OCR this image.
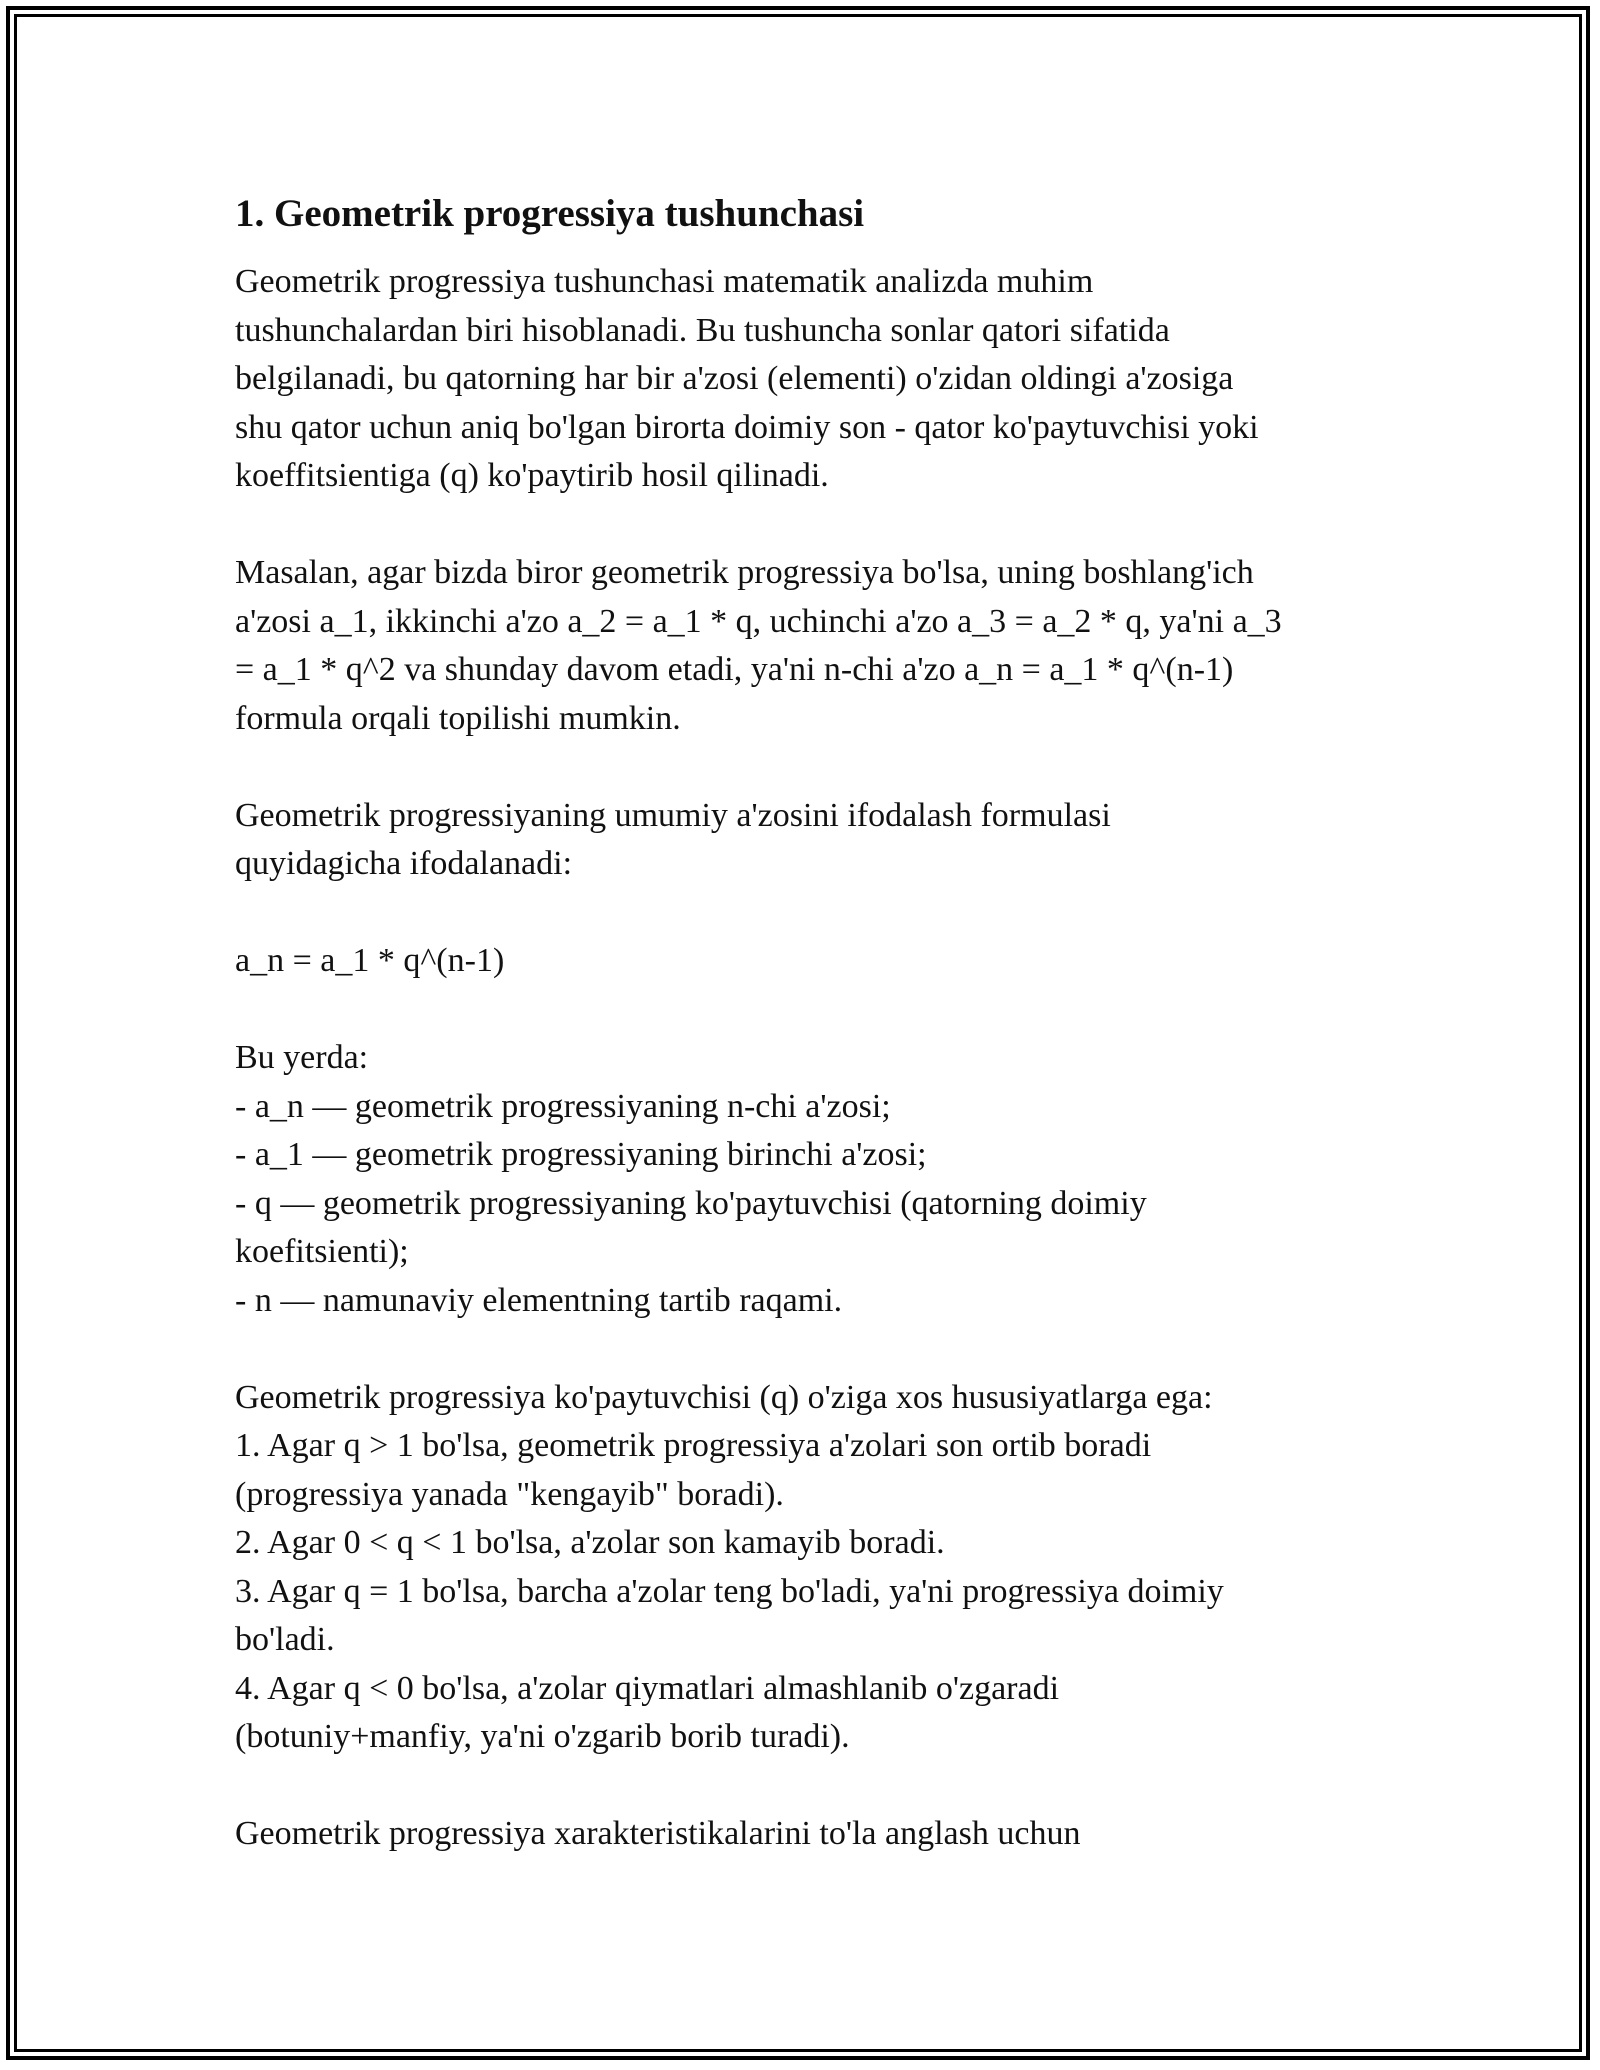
1. Geometrik progressiya tushunchasi
Geometrik progressiya tushunchasi matematik analizda muhim
tushunchalardan biri hisoblanadi. Bu tushuncha sonlar qatori sifatida
belgilanadi, bu qatorning har bir a'zosi (elementi) o'zidan oldingi a'zosiga
shu qator uchun aniq bo'lgan birorta doimiy son - qator ko'paytuvchisi yoki
koeffitsientiga (q) ko'paytirib hosil qilinadi.
Masalan, agar bizda biror geometrik progressiya bo'lsa, uning boshlang'ich
a'zosi a_1, ikkinchi a'zo a_2 = a_1 * q, uchinchi a'zo a_3 = a_2 * q, ya'ni a_3
= a_1 * q^2 va shunday davom etadi, ya'ni n-chi a'zo a_n = a_1 * q^(n-1)
formula orqali topilishi mumkin.
Geometrik progressiyaning umumiy a'zosini ifodalash formulasi
quyidagicha ifodalanadi:
a_n = a_1 * q^(n-1)
Bu yerda:
- a_n — geometrik progressiyaning n-chi a'zosi;
- a_1 — geometrik progressiyaning birinchi a'zosi;
- q — geometrik progressiyaning ko'paytuvchisi (qatorning doimiy
koefitsienti);
- n — namunaviy elementning tartib raqami.
Geometrik progressiya ko'paytuvchisi (q) o'ziga xos hususiyatlarga ega:
1. Agar q > 1 bo'lsa, geometrik progressiya a'zolari son ortib boradi
(progressiya yanada "kengayib" boradi).
2. Agar 0 < q < 1 bo'lsa, a'zolar son kamayib boradi.
3. Agar q = 1 bo'lsa, barcha a'zolar teng bo'ladi, ya'ni progressiya doimiy
bo'ladi.
4. Agar q < 0 bo'lsa, a'zolar qiymatlari almashlanib o'zgaradi
(botuniy+manfiy, ya'ni o'zgarib borib turadi).
Geometrik progressiya xarakteristikalarini to'la anglash uchun
